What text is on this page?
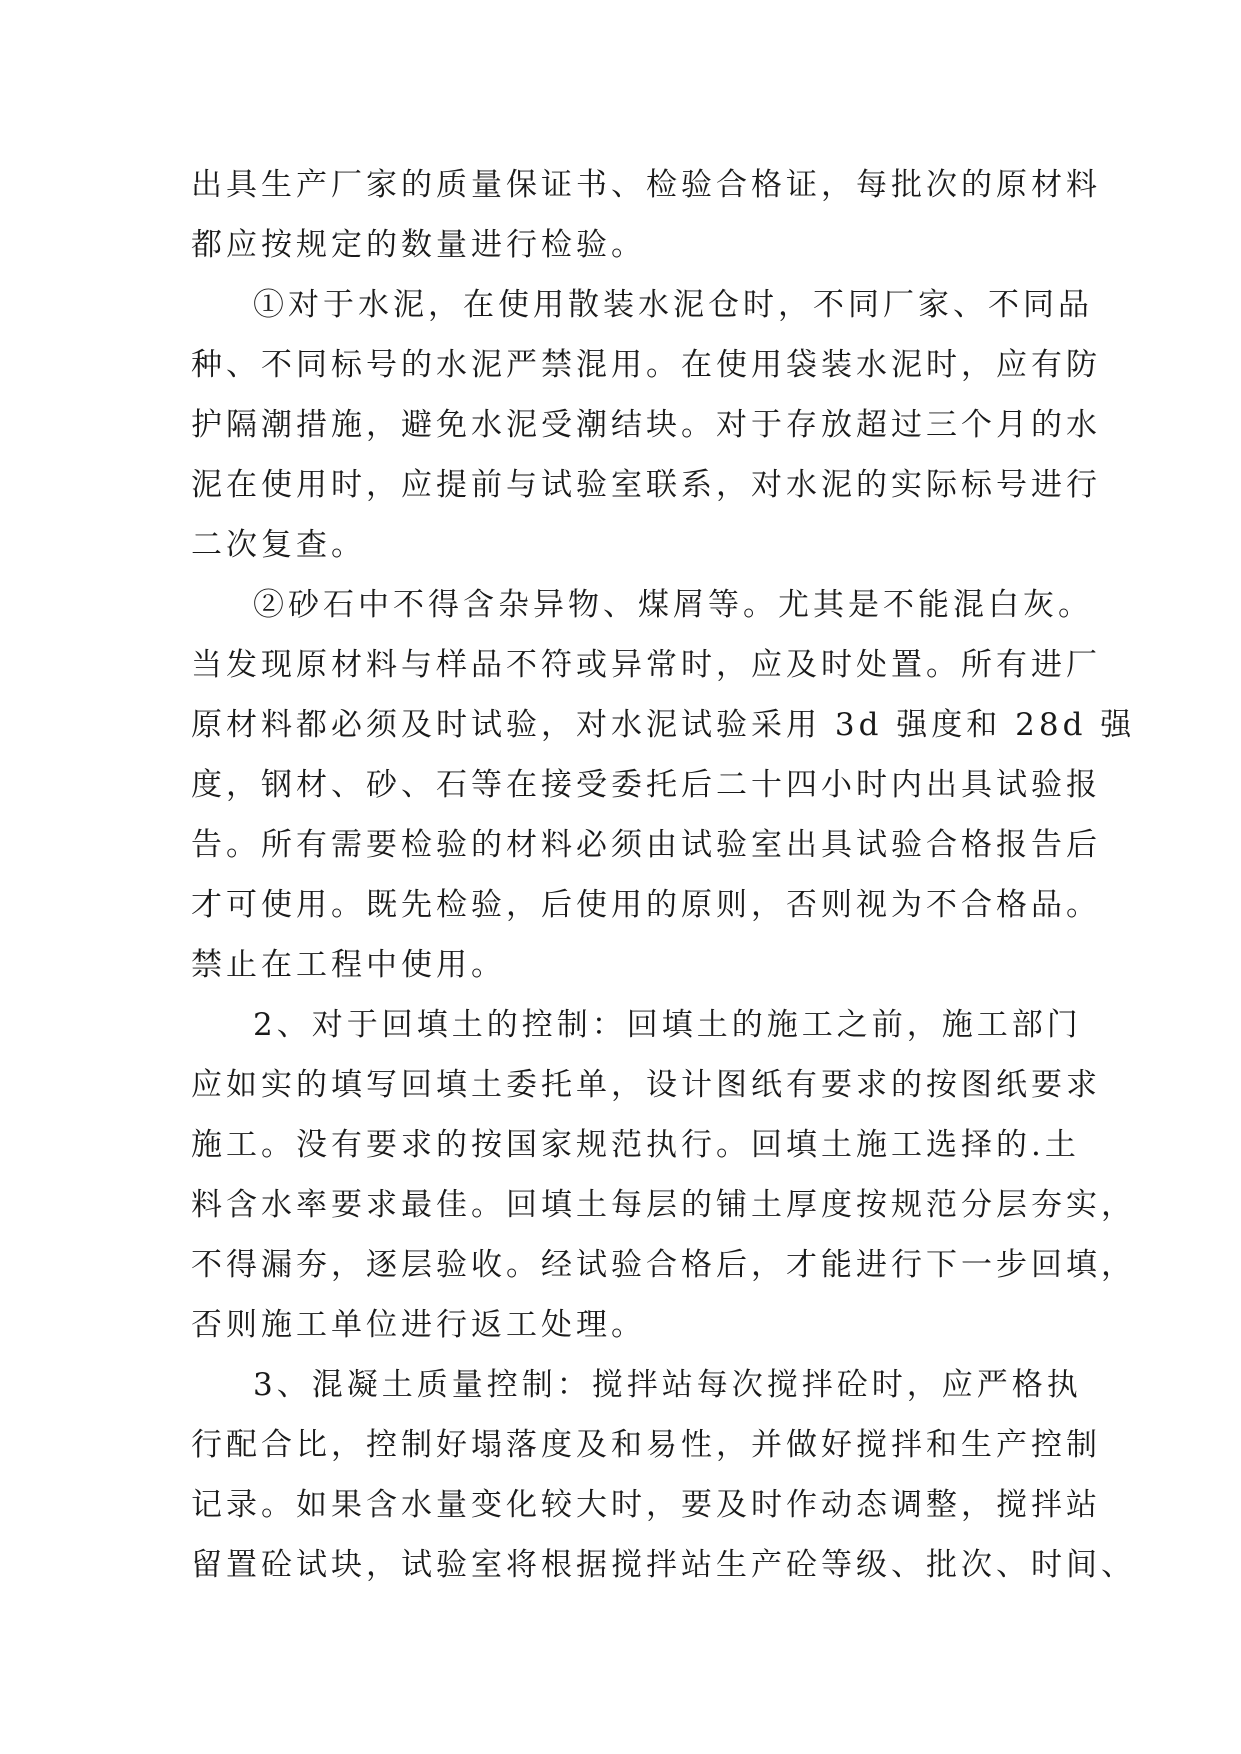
出具生产厂家的质量保证书、检验合格证，每批次的原材料
都应按规定的数量进行检验。
①对于水泥，在使用散装水泥仓时，不同厂家、不同品
种、不同标号的水泥严禁混用。在使用袋装水泥时，应有防
护隔潮措施，避免水泥受潮结块。对于存放超过三个月的水
泥在使用时，应提前与试验室联系，对水泥的实际标号进行
二次复查。
②砂石中不得含杂异物、煤屑等。尤其是不能混白灰。
当发现原材料与样品不符或异常时，应及时处置。所有进厂
原材料都必须及时试验，对水泥试验采用 3d 强度和 28d 强
度，钢材、砂、石等在接受委托后二十四小时内出具试验报
告。所有需要检验的材料必须由试验室出具试验合格报告后
才可使用。既先检验，后使用的原则，否则视为不合格品。
禁止在工程中使用。
2、对于回填土的控制：回填土的施工之前，施工部门
应如实的填写回填土委托单，设计图纸有要求的按图纸要求
施工。没有要求的按国家规范执行。回填土施工选择的.土
料含水率要求最佳。回填土每层的铺土厚度按规范分层夯实，
不得漏夯，逐层验收。经试验合格后，才能进行下一步回填，
否则施工单位进行返工处理。
3、混凝土质量控制：搅拌站每次搅拌砼时，应严格执
行配合比，控制好塌落度及和易性，并做好搅拌和生产控制
记录。如果含水量变化较大时，要及时作动态调整，搅拌站
留置砼试块，试验室将根据搅拌站生产砼等级、批次、时间、
